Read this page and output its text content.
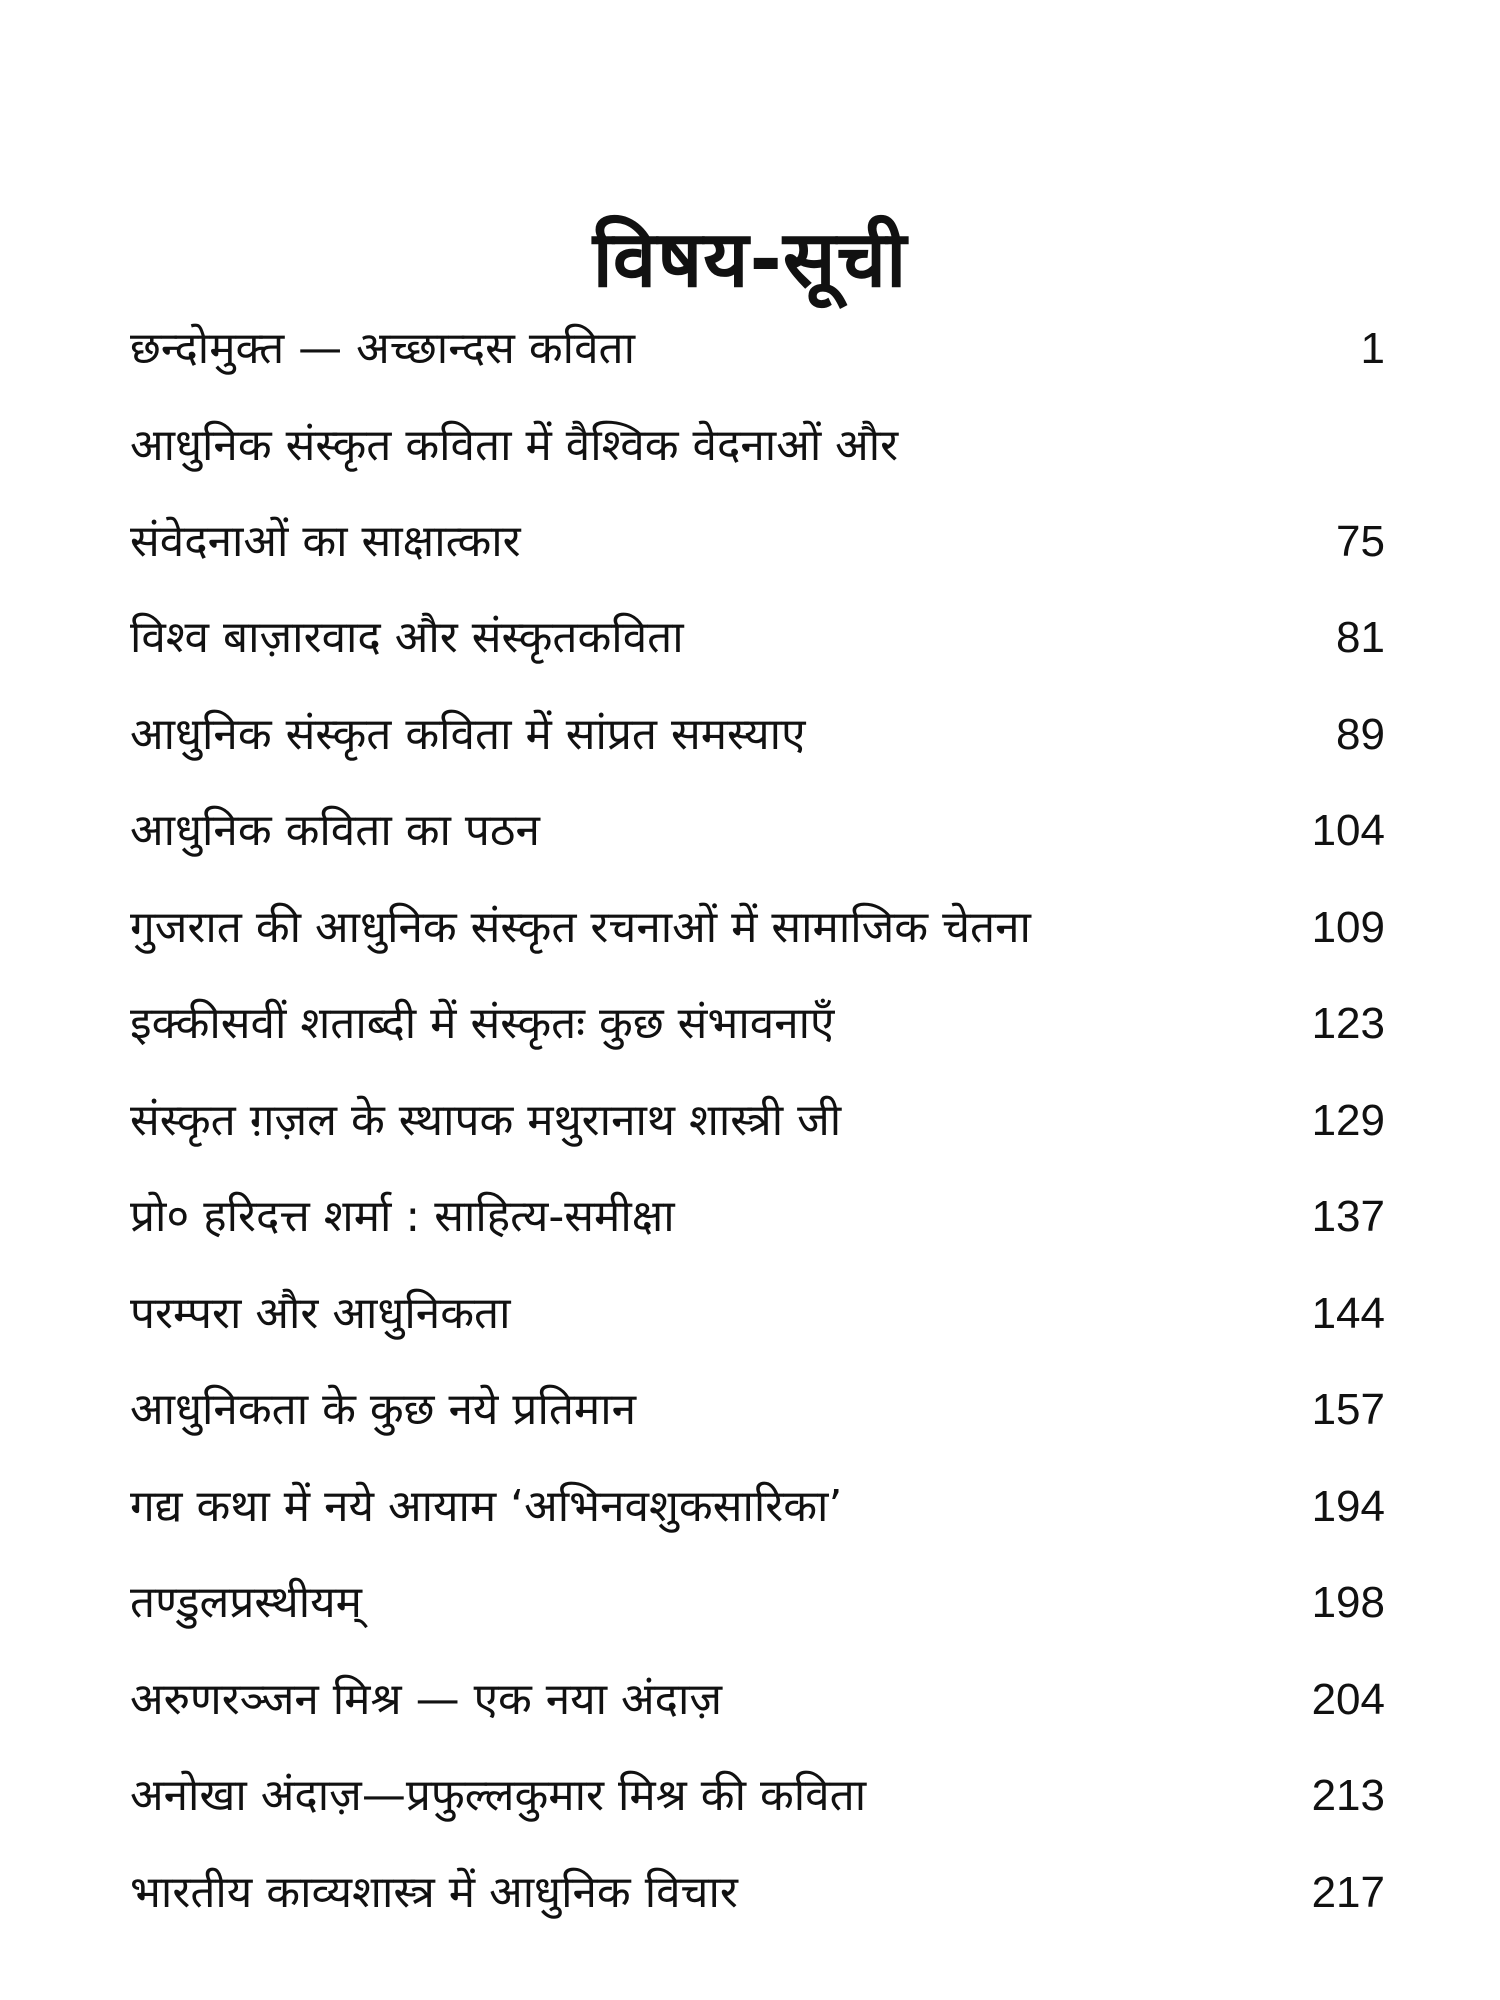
विषय-सूची
छन्दोमुक्त — अच्छान्दस कविता	1
आधुनिक संस्कृत कविता में वैश्विक वेदनाओं और
संवेदनाओं का साक्षात्कार	75
विश्व बाज़ारवाद और संस्कृतकविता	81
आधुनिक संस्कृत कविता में सांप्रत समस्याए	89
आधुनिक कविता का पठन	104
गुजरात की आधुनिक संस्कृत रचनाओं में सामाजिक चेतना	109
इक्कीसवीं शताब्दी में संस्कृतः कुछ संभावनाएँ	123
संस्कृत ग़ज़ल के स्थापक मथुरानाथ शास्त्री जी	129
प्रो० हरिदत्त शर्मा : साहित्य-समीक्षा	137
परम्परा और आधुनिकता	144
आधुनिकता के कुछ नये प्रतिमान	157
गद्य कथा में नये आयाम ‘अभिनवशुकसारिका’	194
तण्डुलप्रस्थीयम्	198
अरुणरञ्जन मिश्र — एक नया अंदाज़	204
अनोखा अंदाज़—प्रफुल्लकुमार मिश्र की कविता	213
भारतीय काव्यशास्त्र में आधुनिक विचार	217
